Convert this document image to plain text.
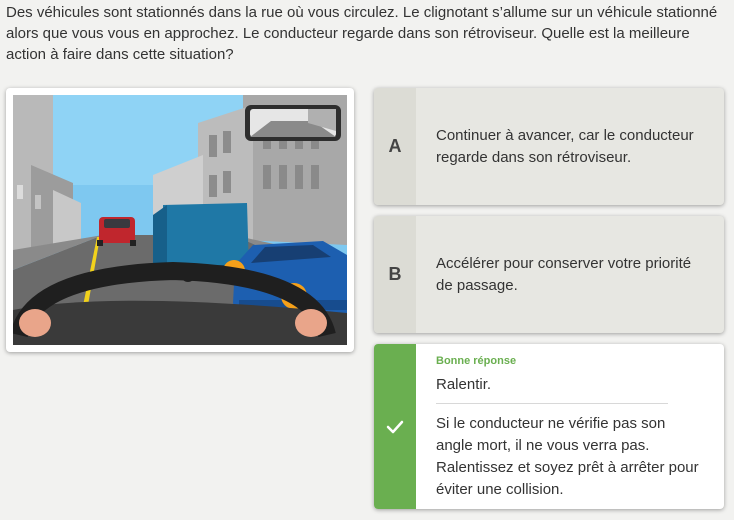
Des véhicules sont stationnés dans la rue où vous circulez. Le clignotant s’allume sur un véhicule stationné alors que vous vous en approchez. Le conducteur regarde dans son rétroviseur. Quelle est la meilleure action à faire dans cette situation?

A
Continuer à avancer, car le conducteur regarde dans son rétroviseur.
B
Accélérer pour conserver votre priorité de passage.
Bonne réponse
Ralentir.
Si le conducteur ne vérifie pas son angle mort, il ne vous verra pas. Ralentissez et soyez prêt à arrêter pour éviter une collision.
